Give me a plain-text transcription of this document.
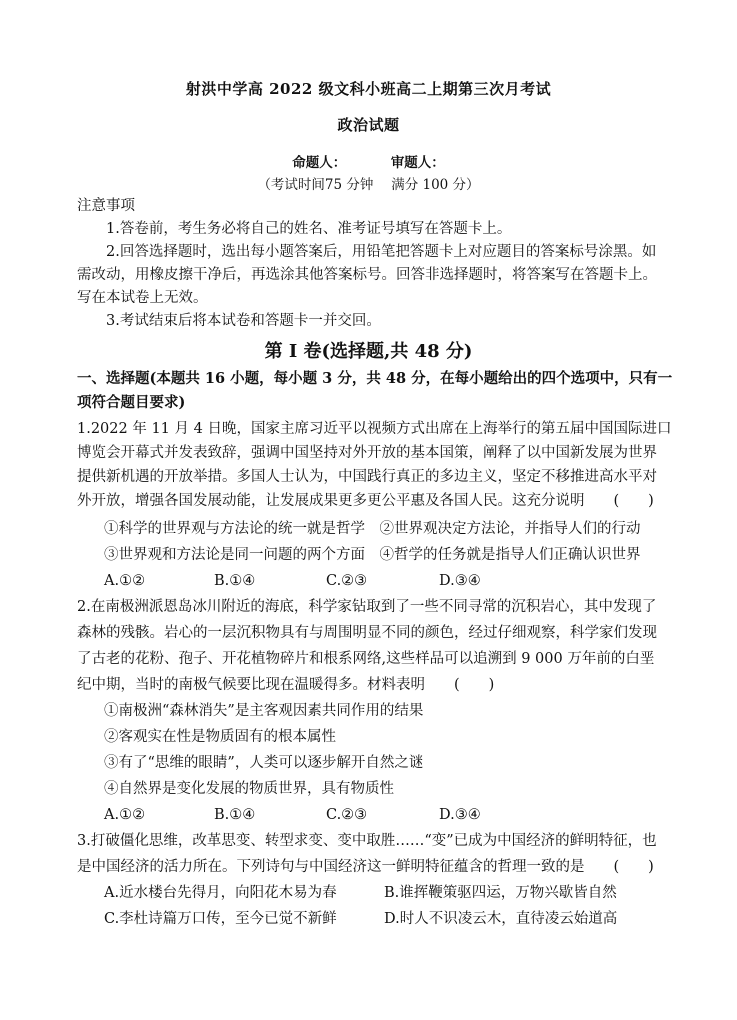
射洪中学高 2022 级文科小班高二上期第三次月考试
政治试题
命题人：	审题人：
（考试时间75 分钟　 满分 100 分）
注意事项
1.答卷前，考生务必将自己的姓名、准考证号填写在答题卡上。
2.回答选择题时，选出每小题答案后，用铅笔把答题卡上对应题目的答案标号涂黑。如
需改动，用橡皮擦干净后，再选涂其他答案标号。回答非选择题时，将答案写在答题卡上。
写在本试卷上无效。
3.考试结束后将本试卷和答题卡一并交回。
第 I 卷(选择题,共 48 分)
一、选择题(本题共 16 小题，每小题 3 分，共 48 分，在每小题给出的四个选项中，只有一
项符合题目要求)
1.2022 年 11 月 4 日晚，国家主席习近平以视频方式出席在上海举行的第五届中国国际进口
博览会开幕式并发表致辞，强调中国坚持对外开放的基本国策，阐释了以中国新发展为世界
提供新机遇的开放举措。多国人士认为，中国践行真正的多边主义，坚定不移推进高水平对
外开放，增强各国发展动能，让发展成果更多更公平惠及各国人民。这充分说明　　(　　)
①科学的世界观与方法论的统一就是哲学　②世界观决定方法论，并指导人们的行动
③世界观和方法论是同一问题的两个方面　④哲学的任务就是指导人们正确认识世界
A.①②	B.①④	C.②③	D.③④
2.在南极洲派恩岛冰川附近的海底，科学家钻取到了一些不同寻常的沉积岩心，其中发现了
森林的残骸。岩心的一层沉积物具有与周围明显不同的颜色，经过仔细观察，科学家们发现
了古老的花粉、孢子、开花植物碎片和根系网络,这些样品可以追溯到 9 000 万年前的白垩
纪中期，当时的南极气候要比现在温暖得多。材料表明　　(　　)
①南极洲“森林消失”是主客观因素共同作用的结果
②客观实在性是物质固有的根本属性
③有了“思维的眼睛”，人类可以逐步解开自然之谜
④自然界是变化发展的物质世界，具有物质性
A.①②	B.①④	C.②③	D.③④
3.打破僵化思维，改革思变、转型求变、变中取胜……“变”已成为中国经济的鲜明特征，也
是中国经济的活力所在。下列诗句与中国经济这一鲜明特征蕴含的哲理一致的是　　(　　)
A.近水楼台先得月，向阳花木易为春	B.谁挥鞭策驱四运，万物兴歇皆自然
C.李杜诗篇万口传，至今已觉不新鲜	D.时人不识凌云木，直待凌云始道高
